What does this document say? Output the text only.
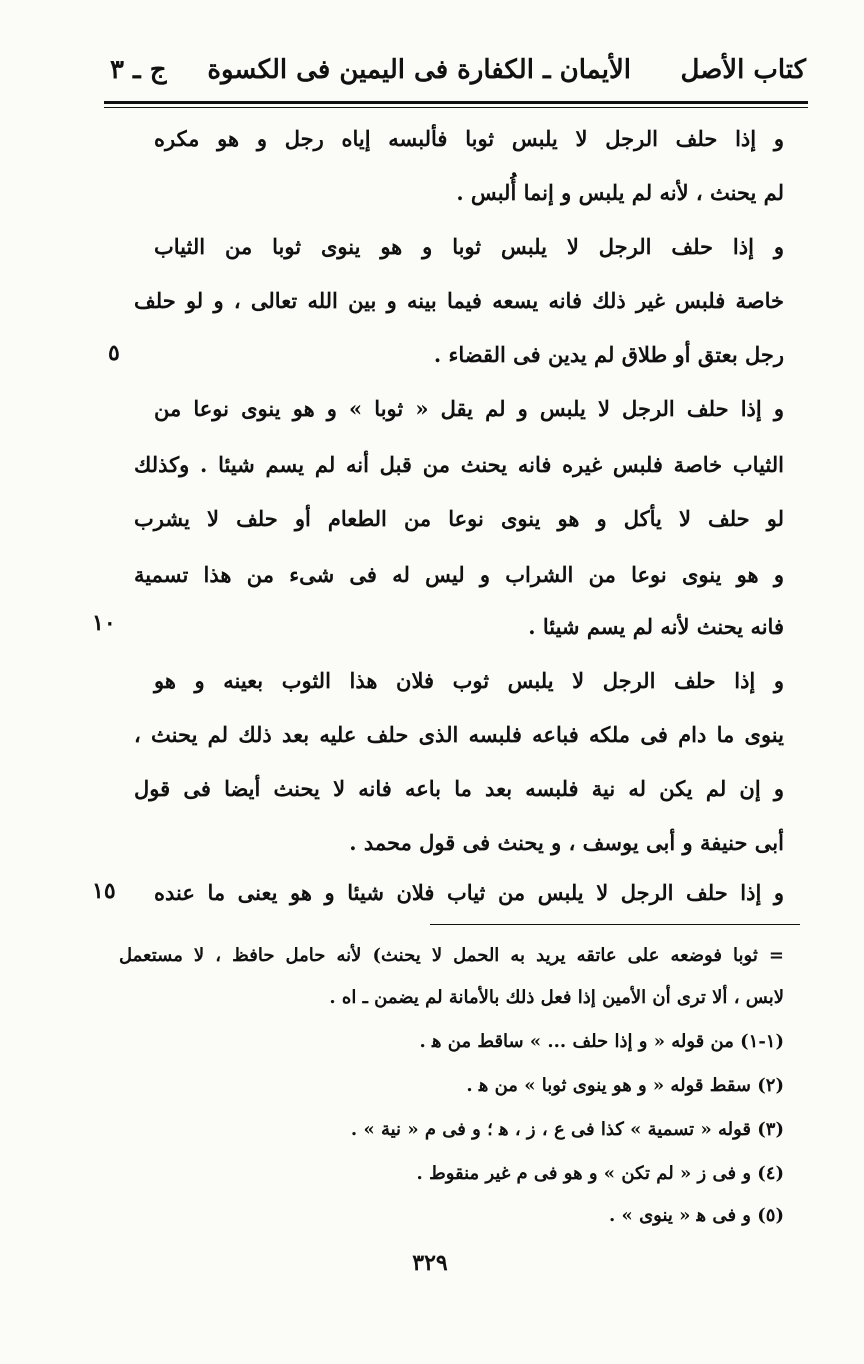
كتاب الأصل
الأيمان ـ الكفارة فى اليمين فى الكسوة
ج ـ ٣
و إذا حلف الرجل لا يلبس ثوبا فألبسه إياه رجل و هو مكره
لم يحنث ، لأنه لم يلبس و إنما أُلبس .
و إذا حلف الرجل لا يلبس ثوبا و هو ينوى ثوبا من الثياب
خاصة فلبس غير ذلك فانه يسعه فيما بينه و بين الله تعالى ، و لو حلف
رجل بعتق أو طلاق لم يدين فى القضاء .
و إذا حلف الرجل لا يلبس و لم يقل « ثوبا » و هو ينوى نوعا من
الثياب خاصة فلبس غيره فانه يحنث من قبل أنه لم يسم شيئا . وكذلك
لو حلف لا يأكل و هو ينوى نوعا من الطعام أو حلف لا يشرب
و هو ينوى نوعا من الشراب و ليس له فى شىء من هذا تسمية
فانه يحنث لأنه لم يسم شيئا .
و إذا حلف الرجل لا يلبس ثوب فلان هذا الثوب بعينه و هو
ينوى ما دام فى ملكه فباعه فلبسه الذى حلف عليه بعد ذلك لم يحنث ،
و إن لم يكن له نية فلبسه بعد ما باعه فانه لا يحنث أيضا فى قول
أبى حنيفة و أبى يوسف ، و يحنث فى قول محمد .
و إذا حلف الرجل لا يلبس من ثياب فلان شيئا و هو يعنى ما عنده
٥
١٠
١٥
= ثوبا فوضعه على عاتقه يريد به الحمل لا يحنث) لأنه حامل حافظ ، لا مستعمل
لابس ، ألا ترى أن الأمين إذا فعل ذلك بالأمانة لم يضمن ـ اه .
(١-١) من قوله « و إذا حلف ... » ساقط من ﻫ .
(٢) سقط قوله « و هو ينوى ثوبا » من ﻫ .
(٣) قوله « تسمية » كذا فى ع ، ز ، ﻫ ؛ و فى م « نية » .
(٤) و فى ز « لم تكن » و هو فى م غير منقوط .
(٥) و فى ﻫ « ينوى » .
٣٢٩
